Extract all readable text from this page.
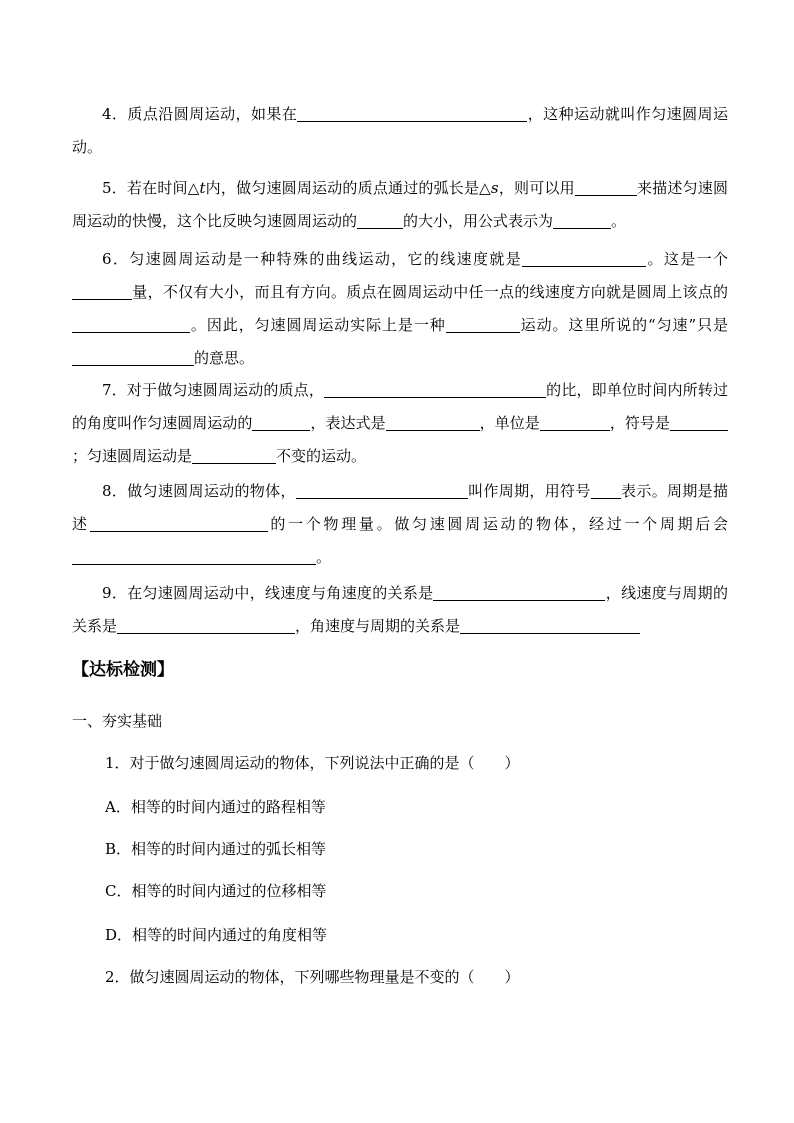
4．质点沿圆周运动，如果在	，这种运动就叫作匀速圆周运动。
5．若在时间△t内，做匀速圆周运动的质点通过的弧长是△s，则可以用	来描述匀速圆周运动的快慢，这个比反映匀速圆周运动的	的大小，用公式表示为	。
6．匀速圆周运动是一种特殊的曲线运动，它的线速度就是	。这是一个量，不仅有大小，而且有方向。质点在圆周运动中任一点的线速度方向就是圆周上该点的。因此，匀速圆周运动实际上是一种	运动。这里所说的“匀速”只是的意思。
7．对于做匀速圆周运动的质点，	的比，即单位时间内所转过的角度叫作匀速圆周运动的	，表达式是	，单位是	，符号是；匀速圆周运动是	不变的运动。
8．做匀速圆周运动的物体，	叫作周期，用符号 表示。周期是描述	的一个物理量。做匀速圆周运动的物体，经过一个周期后会。
9．在匀速圆周运动中，线速度与角速度的关系是	，线速度与周期的关系是	，角速度与周期的关系是
【达标检测】
一、夯实基础
1．对于做匀速圆周运动的物体，下列说法中正确的是（　　）
A．相等的时间内通过的路程相等
B．相等的时间内通过的弧长相等
C．相等的时间内通过的位移相等
D．相等的时间内通过的角度相等
2．做匀速圆周运动的物体，下列哪些物理量是不变的（　　）
